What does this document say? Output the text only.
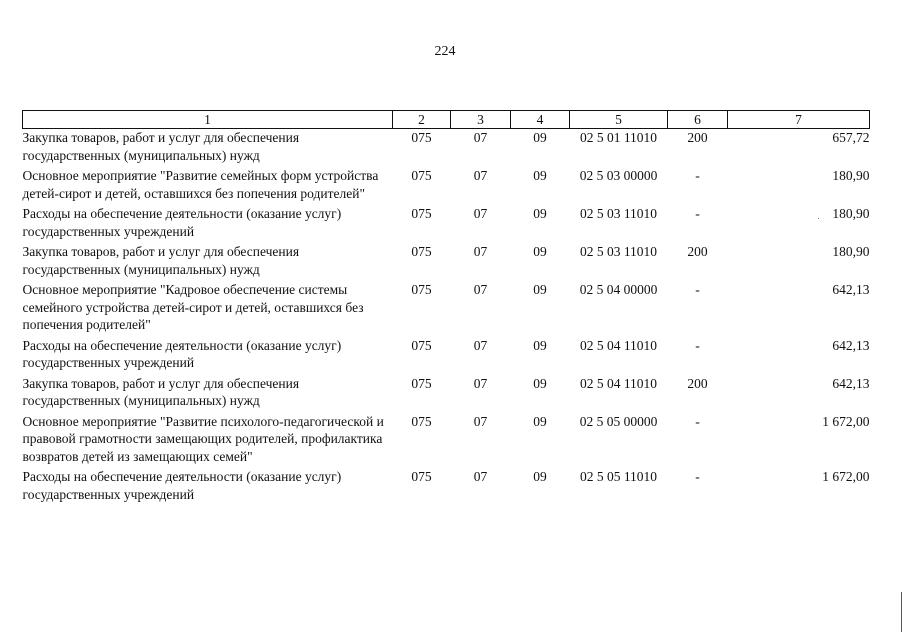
224
1	2	3	4	5	6	7
Закупка товаров, работ и услуг для обеспечения государственных (муниципальных) нужд	075	07	09	02 5 01 11010	200	657,72
Основное мероприятие "Развитие семейных форм устройства детей-сирот и детей, оставшихся без попечения родителей"	075	07	09	02 5 03 00000	-	180,90
Расходы на обеспечение деятельности (оказание услуг) государственных учреждений	075	07	09	02 5 03 11010	-	180,90
Закупка товаров, работ и услуг для обеспечения государственных (муниципальных) нужд	075	07	09	02 5 03 11010	200	180,90
Основное мероприятие "Кадровое обеспечение системы семейного устройства детей-сирот и детей, оставшихся без попечения родителей"	075	07	09	02 5 04 00000	-	642,13
Расходы на обеспечение деятельности (оказание услуг) государственных учреждений	075	07	09	02 5 04 11010	-	642,13
Закупка товаров, работ и услуг для обеспечения государственных (муниципальных) нужд	075	07	09	02 5 04 11010	200	642,13
Основное мероприятие "Развитие психолого-педагогической и правовой грамотности замещающих родителей, профилактика возвратов детей из замещающих семей"	075	07	09	02 5 05 00000	-	1 672,00
Расходы на обеспечение деятельности (оказание услуг) государственных учреждений	075	07	09	02 5 05 11010	-	1 672,00
